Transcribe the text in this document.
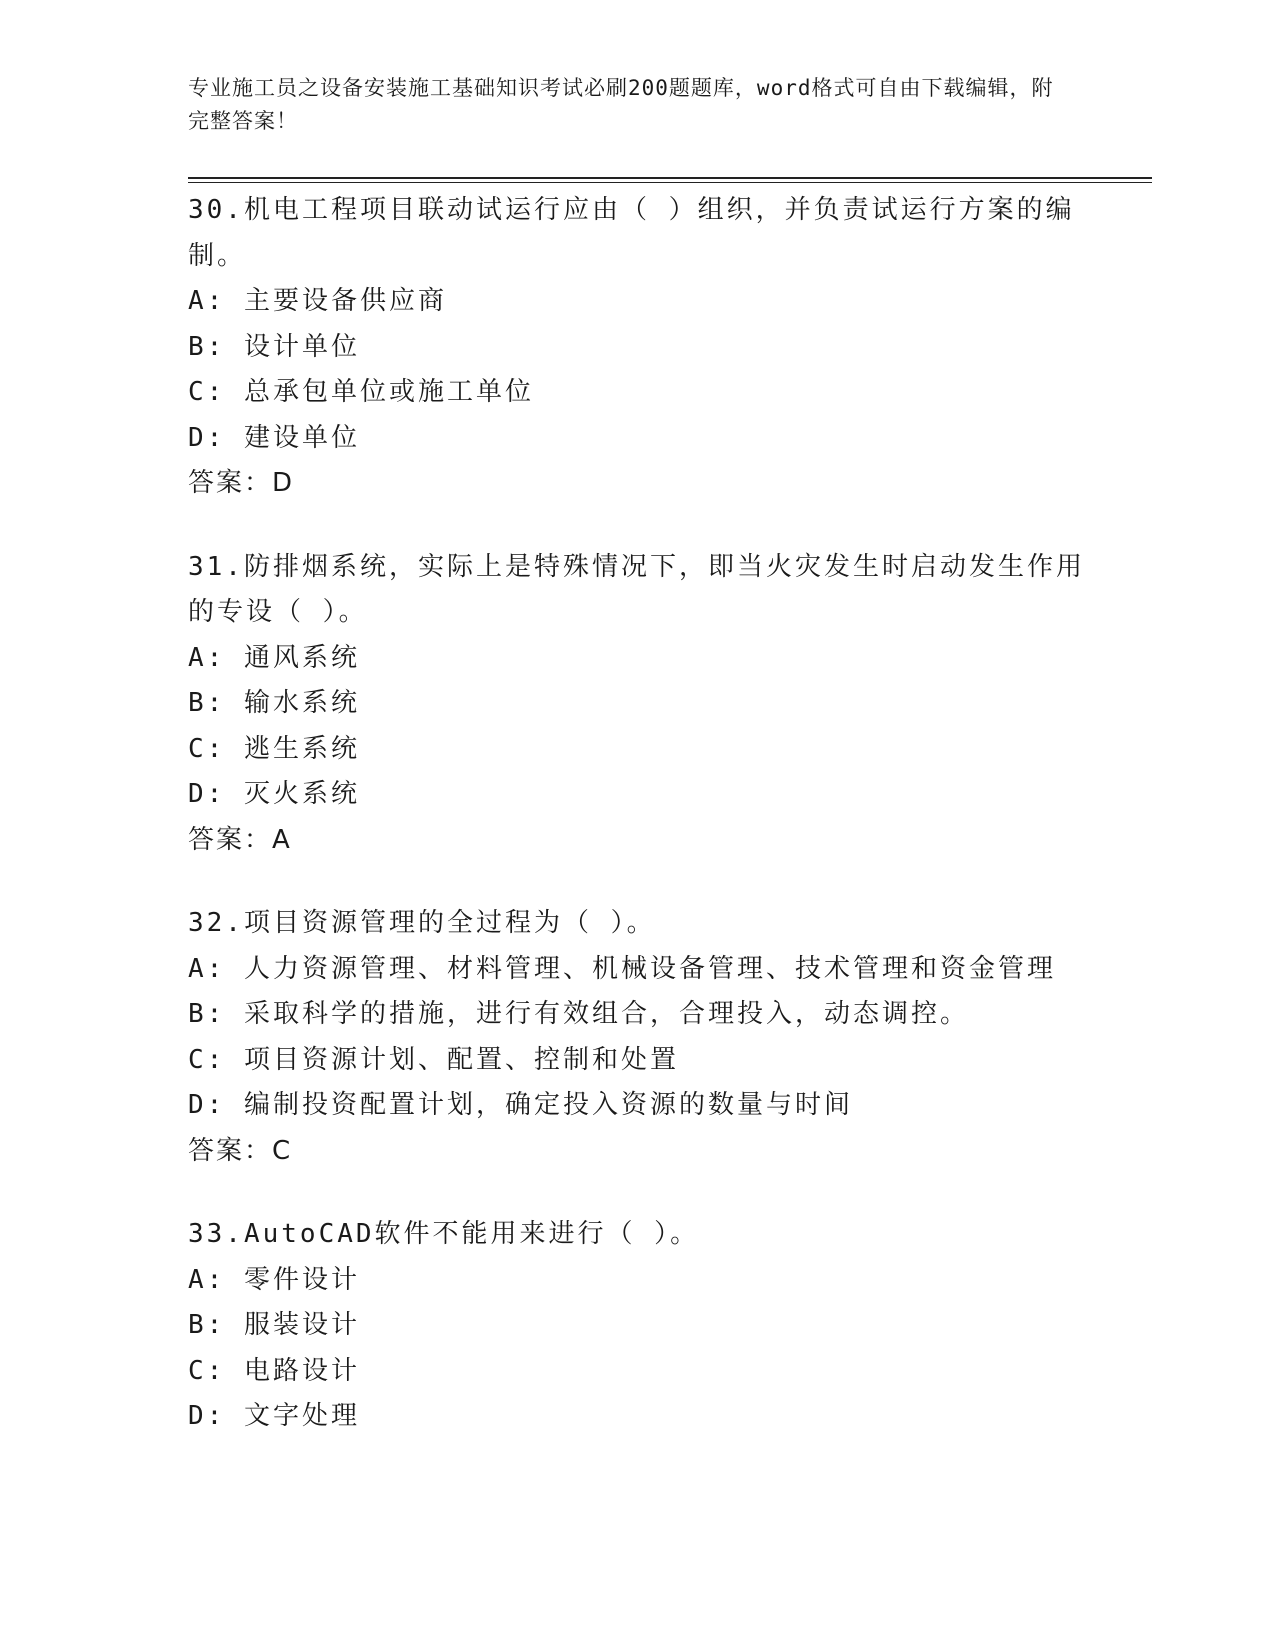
专业施工员之设备安装施工基础知识考试必刷200题题库，word格式可自由下载编辑，附完整答案！
30.机电工程项目联动试运行应由（ ）组织，并负责试运行方案的编制。
A: 主要设备供应商
B: 设计单位
C: 总承包单位或施工单位
D: 建设单位
答案：D
31.防排烟系统，实际上是特殊情况下，即当火灾发生时启动发生作用的专设（ ）。
A: 通风系统
B: 输水系统
C: 逃生系统
D: 灭火系统
答案：A
32.项目资源管理的全过程为（ ）。
A: 人力资源管理、材料管理、机械设备管理、技术管理和资金管理
B: 采取科学的措施，进行有效组合，合理投入，动态调控。
C: 项目资源计划、配置、控制和处置
D: 编制投资配置计划，确定投入资源的数量与时间
答案：C
33.AutoCAD软件不能用来进行（ ）。
A: 零件设计
B: 服装设计
C: 电路设计
D: 文字处理
